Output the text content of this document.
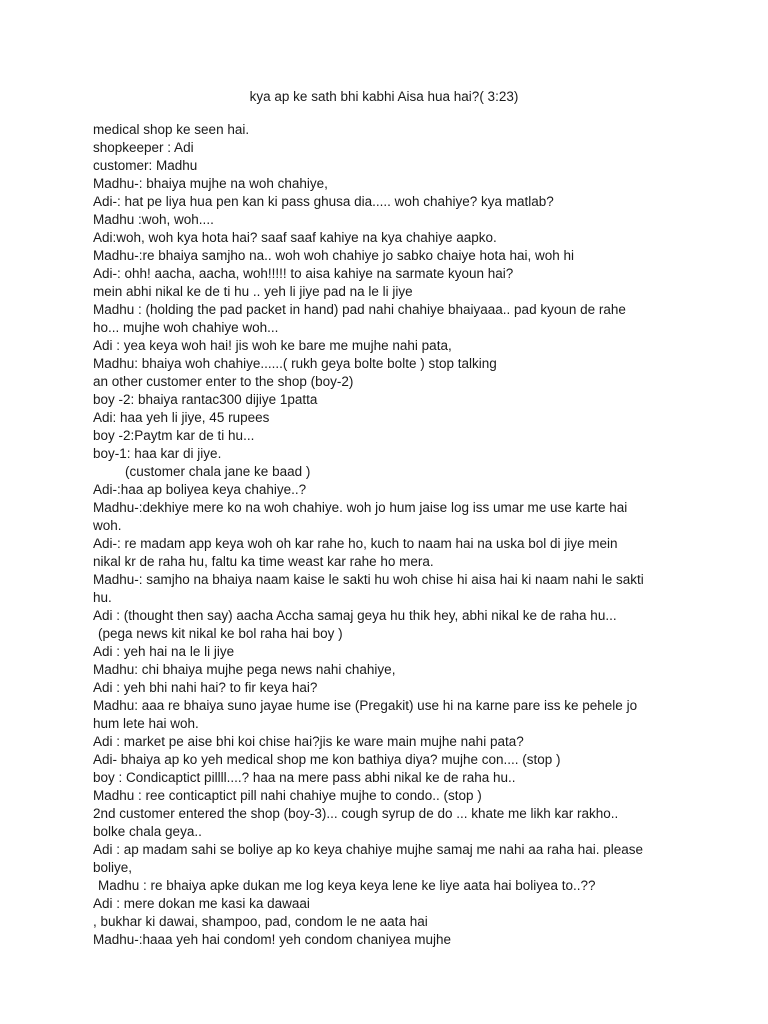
kya ap ke sath bhi kabhi Aisa hua hai?( 3:23)
medical shop ke seen hai.
shopkeeper : Adi
customer: Madhu
Madhu-: bhaiya mujhe na woh chahiye,
Adi-: hat pe liya hua pen kan ki pass ghusa dia..... woh chahiye? kya matlab?
Madhu :woh, woh....
Adi:woh, woh kya hota hai? saaf saaf kahiye na kya chahiye aapko.
Madhu-:re bhaiya samjho na.. woh woh chahiye jo sabko chaiye hota hai, woh hi
Adi-: ohh! aacha, aacha, woh!!!!! to aisa kahiye na sarmate kyoun hai?
mein abhi nikal ke de ti hu .. yeh li jiye pad na le li jiye
Madhu : (holding the pad packet in hand) pad nahi chahiye bhaiyaaa.. pad kyoun de rahe
ho... mujhe woh chahiye woh...
Adi : yea keya woh hai! jis woh ke bare me mujhe nahi pata,
Madhu: bhaiya woh chahiye......( rukh geya bolte bolte ) stop talking
an other customer enter to the shop (boy-2)
boy -2: bhaiya rantac300 dijiye 1patta
Adi: haa yeh li jiye, 45 rupees
boy -2:Paytm kar de ti hu...
boy-1: haa kar di jiye.
(customer chala jane ke baad )
Adi-:haa ap boliyea keya chahiye..?
Madhu-:dekhiye mere ko na woh chahiye. woh jo hum jaise log iss umar me use karte hai
woh.
Adi-: re madam app keya woh oh kar rahe ho, kuch to naam hai na uska bol di jiye mein
nikal kr de raha hu, faltu ka time weast kar rahe ho mera.
Madhu-: samjho na bhaiya naam kaise le sakti hu woh chise hi aisa hai ki naam nahi le sakti
hu.
Adi : (thought then say) aacha Accha samaj geya hu thik hey, abhi nikal ke de raha hu...
(pega news kit nikal ke bol raha hai boy )
Adi : yeh hai na le li jiye
Madhu: chi bhaiya mujhe pega news nahi chahiye,
Adi : yeh bhi nahi hai? to fir keya hai?
Madhu: aaa re bhaiya suno jayae hume ise (Pregakit) use hi na karne pare iss ke pehele jo
hum lete hai woh.
Adi : market pe aise bhi koi chise hai?jis ke ware main mujhe nahi pata?
Adi- bhaiya ap ko yeh medical shop me kon bathiya diya? mujhe con.... (stop )
boy : Condicaptict pillll....? haa na mere pass abhi nikal ke de raha hu..
Madhu : ree conticaptict pill nahi chahiye mujhe to condo.. (stop )
2nd customer entered the shop (boy-3)... cough syrup de do ... khate me likh kar rakho..
bolke chala geya..
Adi : ap madam sahi se boliye ap ko keya chahiye mujhe samaj me nahi aa raha hai. please
boliye,
Madhu : re bhaiya apke dukan me log keya keya lene ke liye aata hai boliyea to..??
Adi : mere dokan me kasi ka dawaai
, bukhar ki dawai, shampoo, pad, condom le ne aata hai
Madhu-:haaa yeh hai condom! yeh condom chaniyea mujhe
